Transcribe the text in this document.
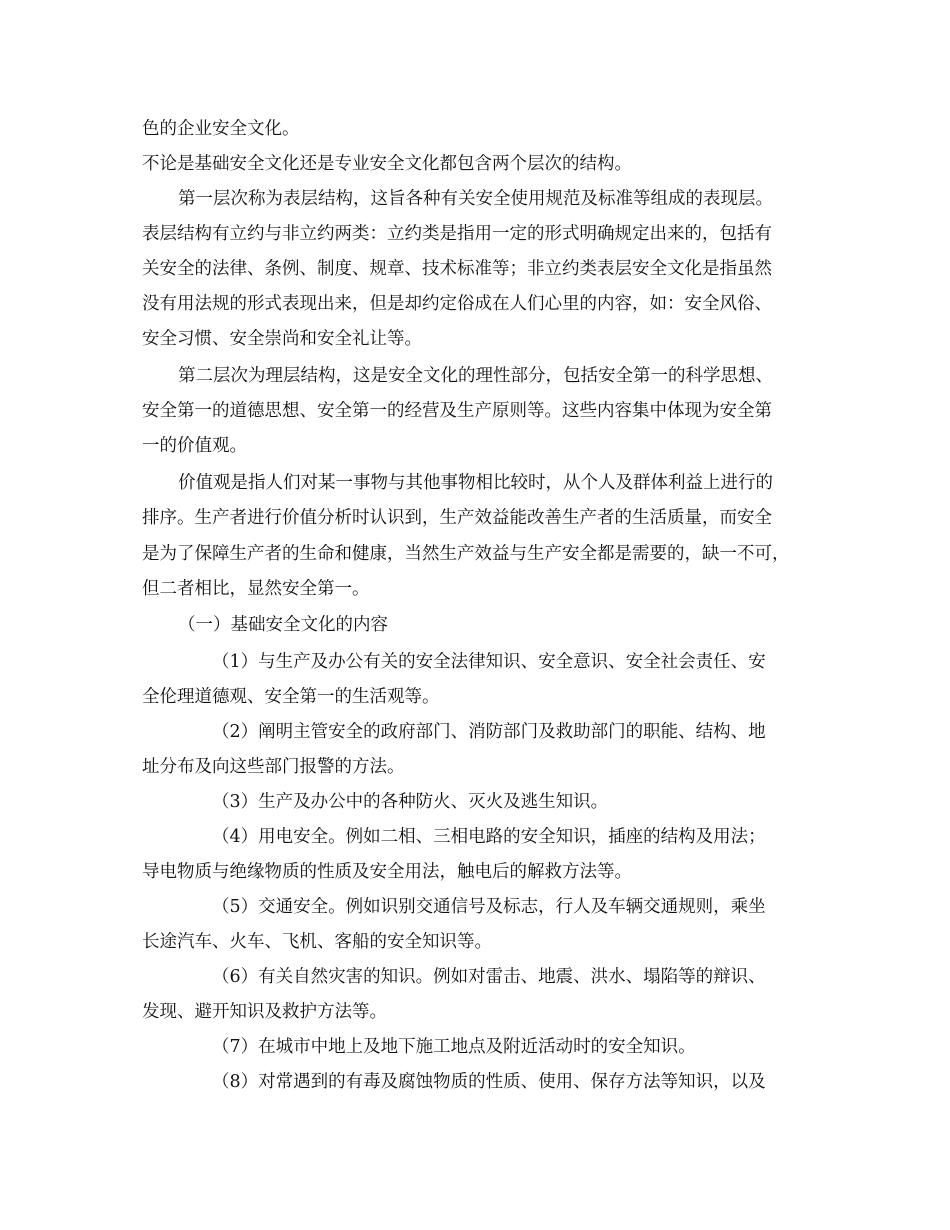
色的企业安全文化。
不论是基础安全文化还是专业安全文化都包含两个层次的结构。
第一层次称为表层结构，这旨各种有关安全使用规范及标准等组成的表现层。
表层结构有立约与非立约两类：立约类是指用一定的形式明确规定出来的，包括有
关安全的法律、条例、制度、规章、技术标准等；非立约类表层安全文化是指虽然
没有用法规的形式表现出来，但是却约定俗成在人们心里的内容，如：安全风俗、
安全习惯、安全崇尚和安全礼让等。
第二层次为理层结构，这是安全文化的理性部分，包括安全第一的科学思想、
安全第一的道德思想、安全第一的经营及生产原则等。这些内容集中体现为安全第
一的价值观。
价值观是指人们对某一事物与其他事物相比较时，从个人及群体利益上进行的
排序。生产者进行价值分析时认识到，生产效益能改善生产者的生活质量，而安全
是为了保障生产者的生命和健康，当然生产效益与生产安全都是需要的，缺一不可，
但二者相比，显然安全第一。
（一）基础安全文化的内容
（1）与生产及办公有关的安全法律知识、安全意识、安全社会责任、安
全伦理道德观、安全第一的生活观等。
（2）阐明主管安全的政府部门、消防部门及救助部门的职能、结构、地
址分布及向这些部门报警的方法。
（3）生产及办公中的各种防火、灭火及逃生知识。
（4）用电安全。例如二相、三相电路的安全知识，插座的结构及用法；
导电物质与绝缘物质的性质及安全用法，触电后的解救方法等。
（5）交通安全。例如识别交通信号及标志，行人及车辆交通规则，乘坐
长途汽车、火车、飞机、客船的安全知识等。
（6）有关自然灾害的知识。例如对雷击、地震、洪水、塌陷等的辩识、
发现、避开知识及救护方法等。
（7）在城市中地上及地下施工地点及附近活动时的安全知识。
（8）对常遇到的有毒及腐蚀物质的性质、使用、保存方法等知识，以及
